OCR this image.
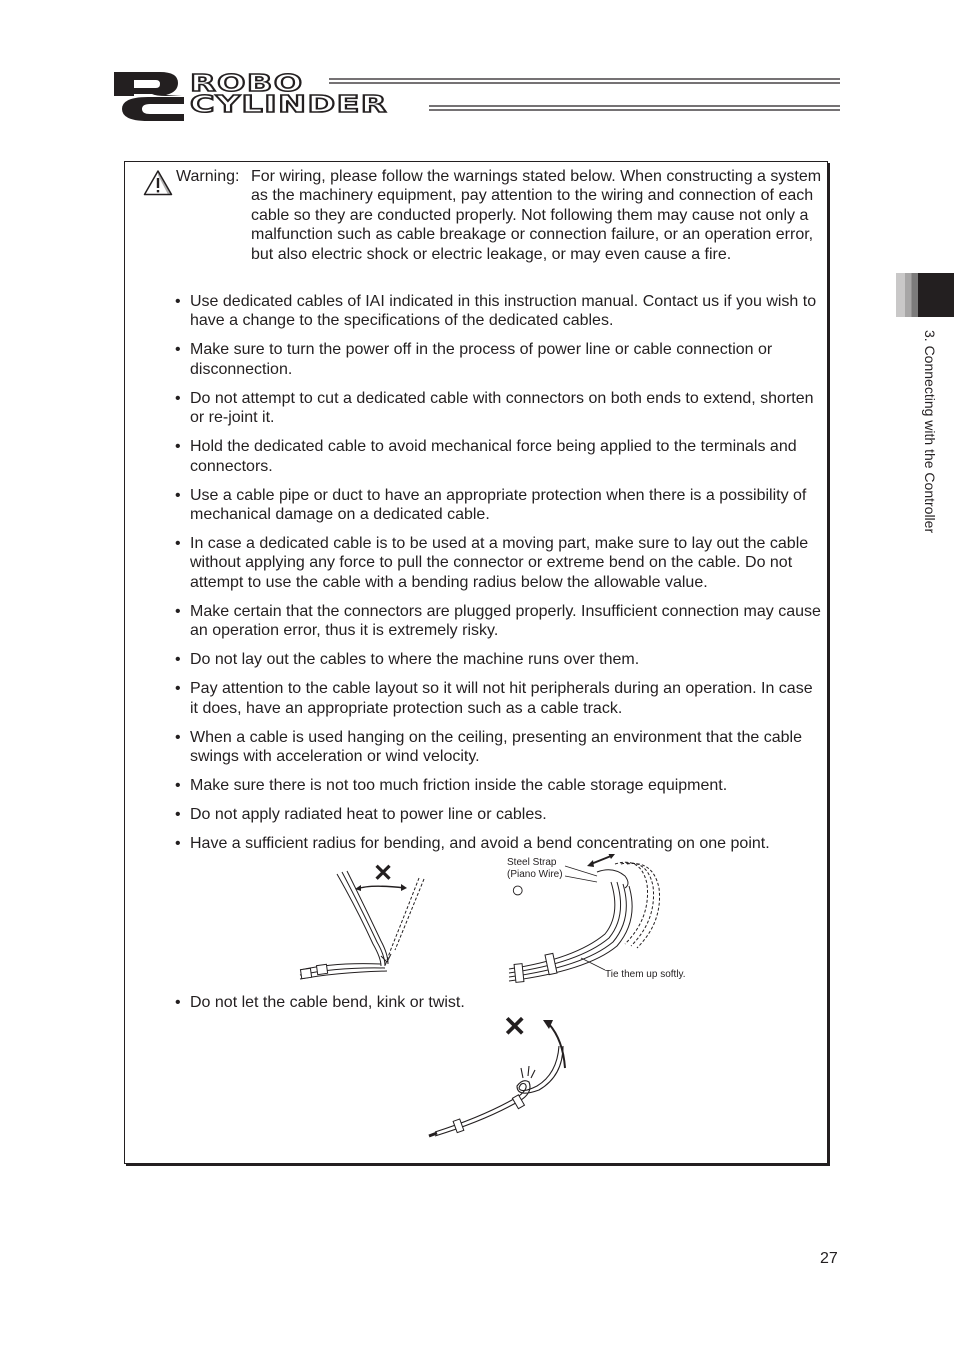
ROBO
CYLINDER
3. Connecting with the Controller
Warning: For wiring, please follow the warnings stated below. When constructing a system as the machinery equipment, pay attention to the wiring and connection of each cable so they are conducted properly. Not following them may cause not only a malfunction such as cable breakage or connection failure, or an operation error, but also electric shock or electric leakage, or may even cause a fire.
• Use dedicated cables of IAI indicated in this instruction manual. Contact us if you wish to have a change to the specifications of the dedicated cables.
• Make sure to turn the power off in the process of power line or cable connection or disconnection.
• Do not attempt to cut a dedicated cable with connectors on both ends to extend, shorten or re-joint it.
• Hold the dedicated cable to avoid mechanical force being applied to the terminals and connectors.
• Use a cable pipe or duct to have an appropriate protection when there is a possibility of mechanical damage on a dedicated cable.
• In case a dedicated cable is to be used at a moving part, make sure to lay out the cable without applying any force to pull the connector or extreme bend on the cable. Do not attempt to use the cable with a bending radius below the allowable value.
• Make certain that the connectors are plugged properly. Insufficient connection may cause an operation error, thus it is extremely risky.
• Do not lay out the cables to where the machine runs over them.
• Pay attention to the cable layout so it will not hit peripherals during an operation. In case it does, have an appropriate protection such as a cable track.
• When a cable is used hanging on the ceiling, presenting an environment that the cable swings with acceleration or wind velocity.
• Make sure there is not too much friction inside the cable storage equipment.
• Do not apply radiated heat to power line or cables.
• Have a sufficient radius for bending, and avoid a bend concentrating on one point.
✕
○
Steel Strap
(Piano Wire)
Tie them up softly.
• Do not let the cable bend, kink or twist.
✕
27
